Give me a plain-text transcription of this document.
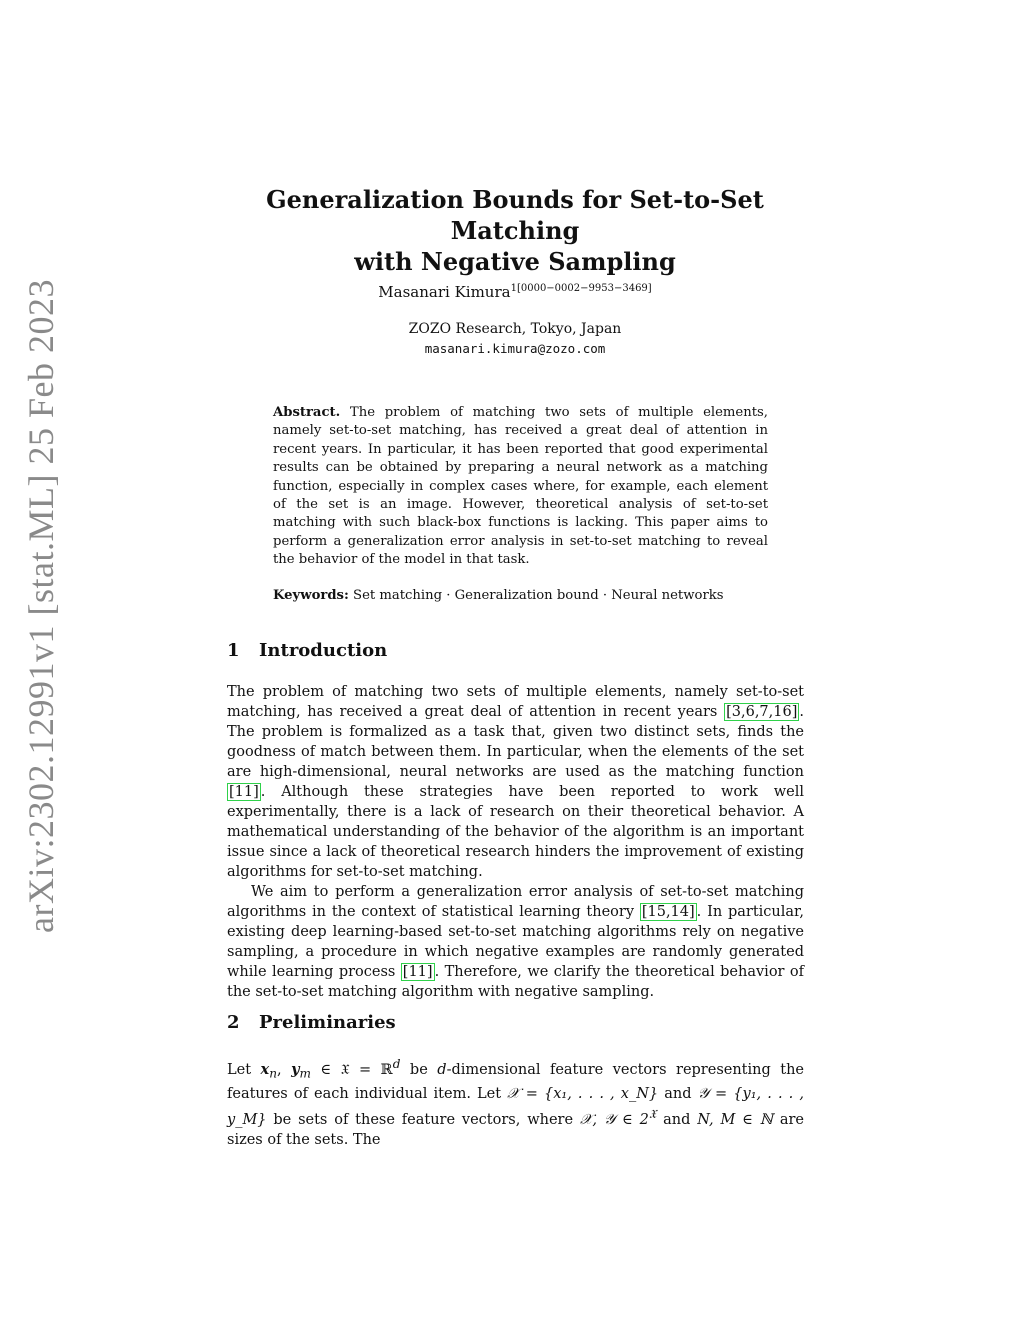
arXiv:2302.12991v1 [stat.ML] 25 Feb 2023
Generalization Bounds for Set-to-Set Matching
with Negative Sampling
Masanari Kimura$^{1[0000-0002-9953-3469]}$
ZOZO Research, Tokyo, Japan
masanari.kimura@zozo.com
Abstract. The problem of matching two sets of multiple elements, namely set-to-set matching, has received a great deal of attention in recent years. In particular, it has been reported that good experimental results can be obtained by preparing a neural network as a matching function, especially in complex cases where, for example, each element of the set is an image. However, theoretical analysis of set-to-set matching with such black-box functions is lacking. This paper aims to perform a generalization error analysis in set-to-set matching to reveal the behavior of the model in that task.
Keywords: Set matching · Generalization bound · Neural networks
1 Introduction

The problem of matching two sets of multiple elements, namely set-to-set matching, has received a great deal of attention in recent years [3,6,7,16] . The problem is formalized as a task that, given two distinct sets, finds the goodness of match between them. In particular, when the elements of the set are high-dimensional, neural networks are used as the matching function [11] . Although these strategies have been reported to work well experimentally, there is a lack of research on their theoretical behavior. A mathematical understanding of the behavior of the algorithm is an important issue since a lack of theoretical research hinders the improvement of existing algorithms for set-to-set matching.

We aim to perform a generalization error analysis of set-to-set matching algorithms in the context of statistical learning theory [15,14] . In particular, existing deep learning-based set-to-set matching algorithms rely on negative sampling, a procedure in which negative examples are randomly generated while learning process [11] . Therefore, we clarify the theoretical behavior of the set-to-set matching algorithm with negative sampling.

2 Preliminaries

Let $x_n$, $y_m$ ∈ 𝔛 = ℝ$^d$ be d-dimensional feature vectors representing the features of each individual item. Let 𝒳 = {x₁, . . . , x_N} and 𝒴 = {y₁, . . . , y_M} be sets of these feature vectors, where 𝒳, 𝒴 ∈ $2^𝔛$ and N, M ∈ ℕ are sizes of the sets. The
